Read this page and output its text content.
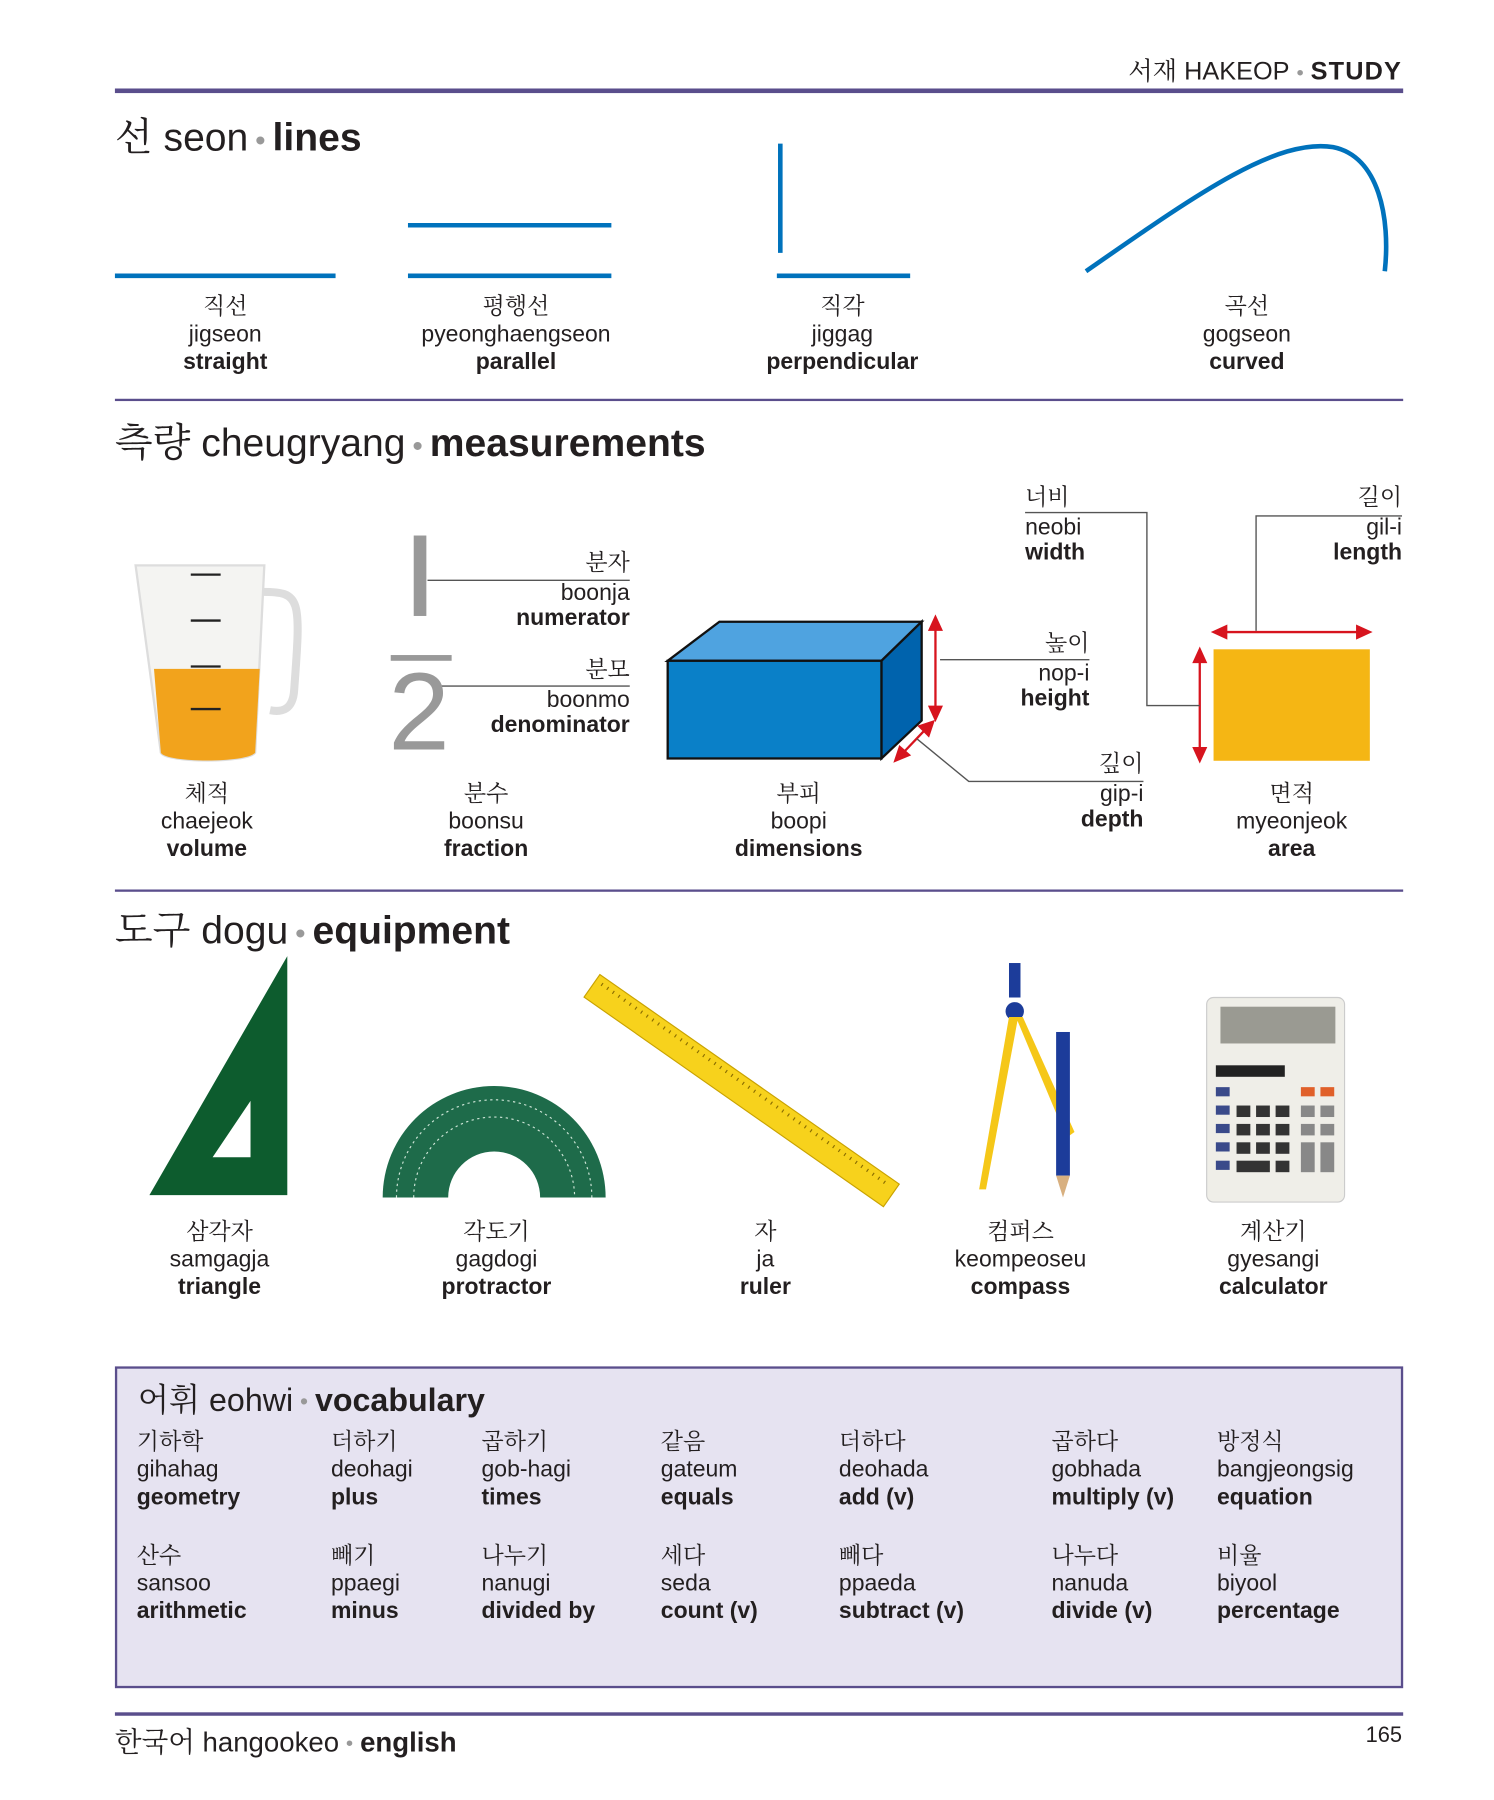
서재 HAKEOP • STUDY
선 seon • lines
2
직선
jigseon
straight
평행선
pyeonghaengseon
parallel
직각
jiggag
perpendicular
곡선
gogseon
curved
측량 cheugryang • measurements
분자
boonja
numerator
분모
boonmo
denominator
너비
neobi
width
높이
nop-i
height
깊이
gip-i
depth
길이
gil-i
length
체적
chaejeok
volume
분수
boonsu
fraction
부피
boopi
dimensions
면적
myeonjeok
area
도구 dogu • equipment
삼각자
samgagja
triangle
각도기
gagdogi
protractor
자
ja
ruler
컴퍼스
keompeoseu
compass
계산기
gyesangi
calculator
어휘 eohwi • vocabulary
기하학
gihahag
geometry
더하기
deohagi
plus
곱하기
gob-hagi
times
같음
gateum
equals
더하다
deohada
add (v)
곱하다
gobhada
multiply (v)
방정식
bangjeongsig
equation
산수
sansoo
arithmetic
빼기
ppaegi
minus
나누기
nanugi
divided by
세다
seda
count (v)
빼다
ppaeda
subtract (v)
나누다
nanuda
divide (v)
비율
biyool
percentage
한국어 hangookeo • english	165
